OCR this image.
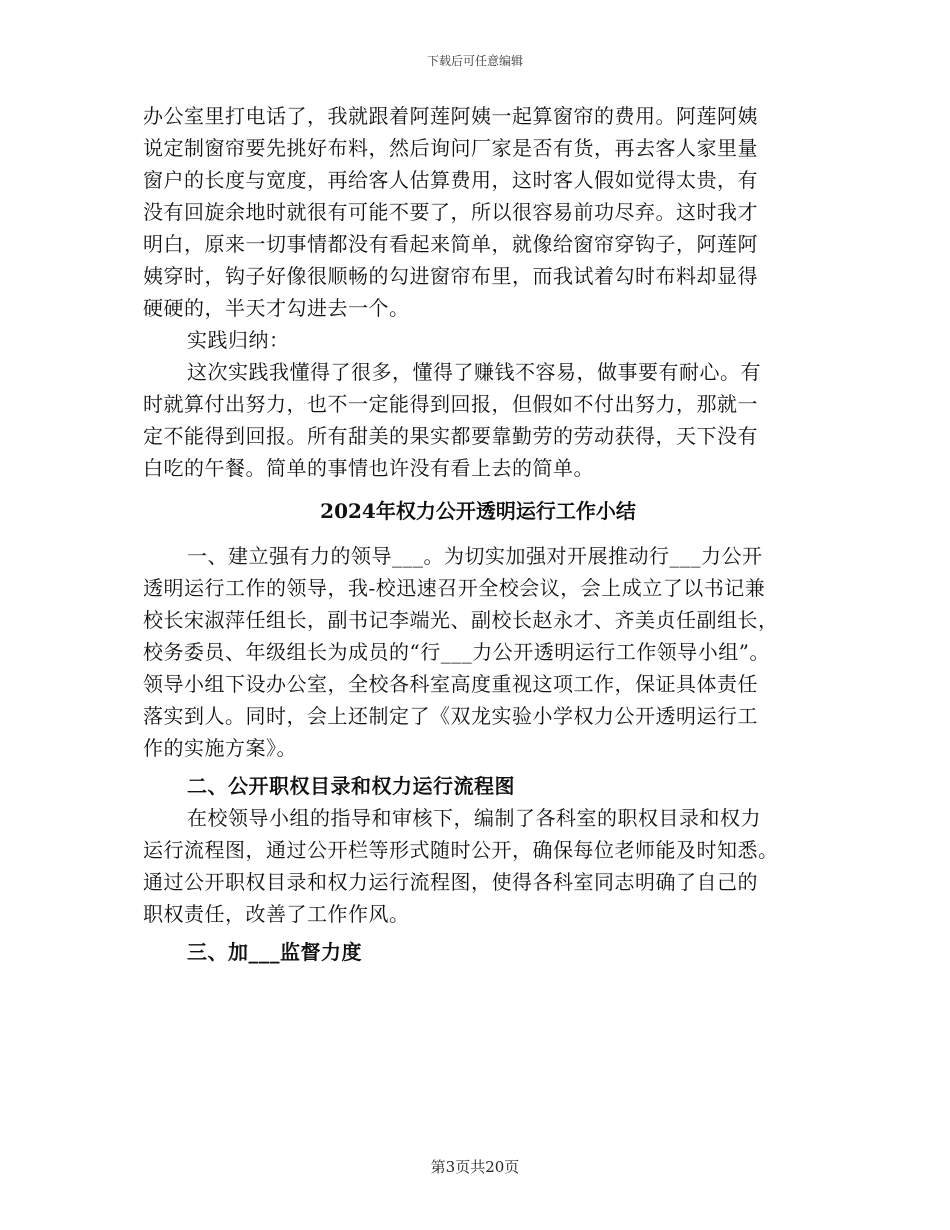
下载后可任意编辑
办公室里打电话了，我就跟着阿莲阿姨一起算窗帘的费用。阿莲阿姨
说定制窗帘要先挑好布料，然后询问厂家是否有货，再去客人家里量
窗户的长度与宽度，再给客人估算费用，这时客人假如觉得太贵，有
没有回旋余地时就很有可能不要了，所以很容易前功尽弃。这时我才
明白，原来一切事情都没有看起来简单，就像给窗帘穿钩子，阿莲阿
姨穿时，钩子好像很顺畅的勾进窗帘布里，而我试着勾时布料却显得
硬硬的，半天才勾进去一个。
实践归纳：
这次实践我懂得了很多，懂得了赚钱不容易，做事要有耐心。有
时就算付出努力，也不一定能得到回报，但假如不付出努力，那就一
定不能得到回报。所有甜美的果实都要靠勤劳的劳动获得，天下没有
白吃的午餐。简单的事情也许没有看上去的简单。
2024年权力公开透明运行工作小结
一、建立强有力的领导___。为切实加强对开展推动行___力公开
透明运行工作的领导，我-校迅速召开全校会议，会上成立了以书记兼
校长宋淑萍任组长，副书记李端光、副校长赵永才、齐美贞任副组长，
校务委员、年级组长为成员的“行___力公开透明运行工作领导小组”。
领导小组下设办公室，全校各科室高度重视这项工作，保证具体责任
落实到人。同时，会上还制定了《双龙实验小学权力公开透明运行工
作的实施方案》。
二、公开职权目录和权力运行流程图
在校领导小组的指导和审核下，编制了各科室的职权目录和权力
运行流程图，通过公开栏等形式随时公开，确保每位老师能及时知悉。
通过公开职权目录和权力运行流程图，使得各科室同志明确了自己的
职权责任，改善了工作作风。
三、加___监督力度
第3页共20页
